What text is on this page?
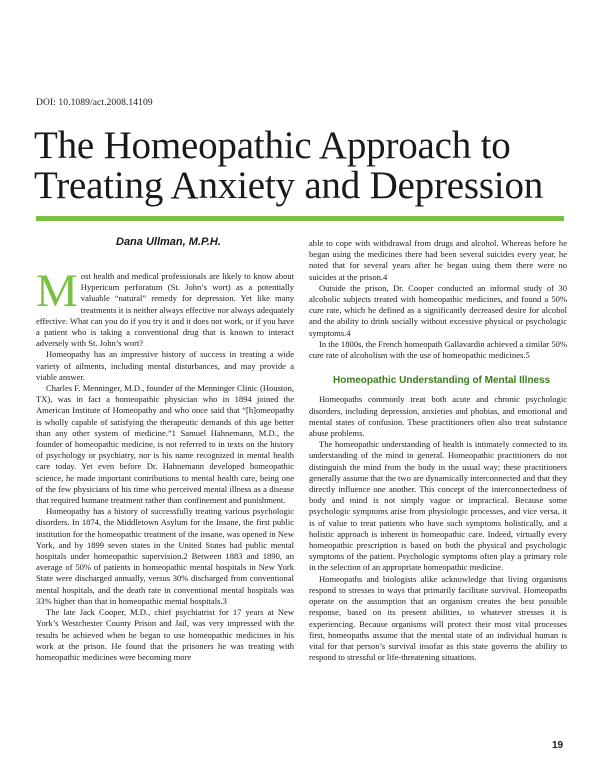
DOI: 10.1089/act.2008.14109
The Homeopathic Approach to Treating Anxiety and Depression
Dana Ullman, M.P.H.

Most health and medical professionals are likely to know about Hypericum perforatum (St. John’s wort) as a potentially valuable “natural” remedy for depression. Yet like many treatments it is neither always effective nor always adequately effective. What can you do if you try it and it does not work, or if you have a patient who is taking a conventional drug that is known to interact adversely with St. John’s wort?

Homeopathy has an impressive history of success in treating a wide variety of ailments, including mental disturbances, and may provide a viable answer.

Charles F. Menninger, M.D., founder of the Menninger Clinic (Houston, TX), was in fact a homeopathic physician who in 1894 joined the American Institute of Homeopathy and who once said that “[h]omeopathy is wholly capable of satisfying the therapeutic demands of this age better than any other system of medicine.”1 Samuel Hahnemann, M.D., the founder of homeopathic medicine, is not referred to in texts on the history of psychology or psychiatry, nor is his name recognized in mental health care today. Yet even before Dr. Hahnemann developed homeopathic science, he made important contributions to mental health care, being one of the few physicians of his time who perceived mental illness as a disease that required humane treatment rather than confinement and punishment.

Homeopathy has a history of successfully treating various psychologic disorders. In 1874, the Middletown Asylum for the Insane, the first public institution for the homeopathic treatment of the insane, was opened in New York, and by 1899 seven states in the United States had public mental hospitals under homeopathic supervision.2 Between 1883 and 1890, an average of 50% of patients in homeopathic mental hospitals in New York State were discharged annually, versus 30% discharged from conventional mental hospitals, and the death rate in conventional mental hospitals was 33% higher than that in homeopathic mental hospitals.3

The late Jack Cooper, M.D., chief psychiatrist for 17 years at New York’s Westchester County Prison and Jail, was very impressed with the results he achieved when he began to use homeopathic medicines in his work at the prison. He found that the prisoners he was treating with homeopathic medicines were becoming more

able to cope with withdrawal from drugs and alcohol. Whereas before he began using the medicines there had been several suicides every year, he noted that for several years after he began using them there were no suicides at the prison.4

Outside the prison, Dr. Cooper conducted an informal study of 30 alcoholic subjects treated with homeopathic medicines, and found a 50% cure rate, which he defined as a significantly decreased desire for alcohol and the ability to drink socially without excessive physical or psychologic symptoms.4

In the 1800s, the French homeopath Gallavardin achieved a similar 50% cure rate of alcoholism with the use of homeopathic medicines.5

Homeopathic Understanding of Mental Illness

Homeopaths commonly treat both acute and chronic psychologic disorders, including depression, anxieties and phobias, and emotional and mental states of confusion. These practitioners often also treat substance abuse problems.

The homeopathic understanding of health is intimately connected to its understanding of the mind in general. Homeopathic practitioners do not distinguish the mind from the body in the usual way; these practitioners generally assume that the two are dynamically interconnected and that they directly influence one another. This concept of the interconnectedness of body and mind is not simply vague or impractical. Because some psychologic symptoms arise from physiologic processes, and vice versa, it is of value to treat patients who have such symptoms holistically, and a holistic approach is inherent in homeopathic care. Indeed, virtually every homeopathic prescription is based on both the physical and psychologic symptoms of the patient. Psychologic symptoms often play a primary role in the selection of an appropriate homeopathic medicine.

Homeopaths and biologists alike acknowledge that living organisms respond to stresses in ways that primarily facilitate survival. Homeopaths operate on the assumption that an organism creates the best possible response, based on its present abilities, to whatever stresses it is experiencing. Because organisms will protect their most vital processes first, homeopaths assume that the mental state of an individual human is vital for that person’s survival insofar as this state governs the ability to respond to stressful or life-threatening situations.

19
